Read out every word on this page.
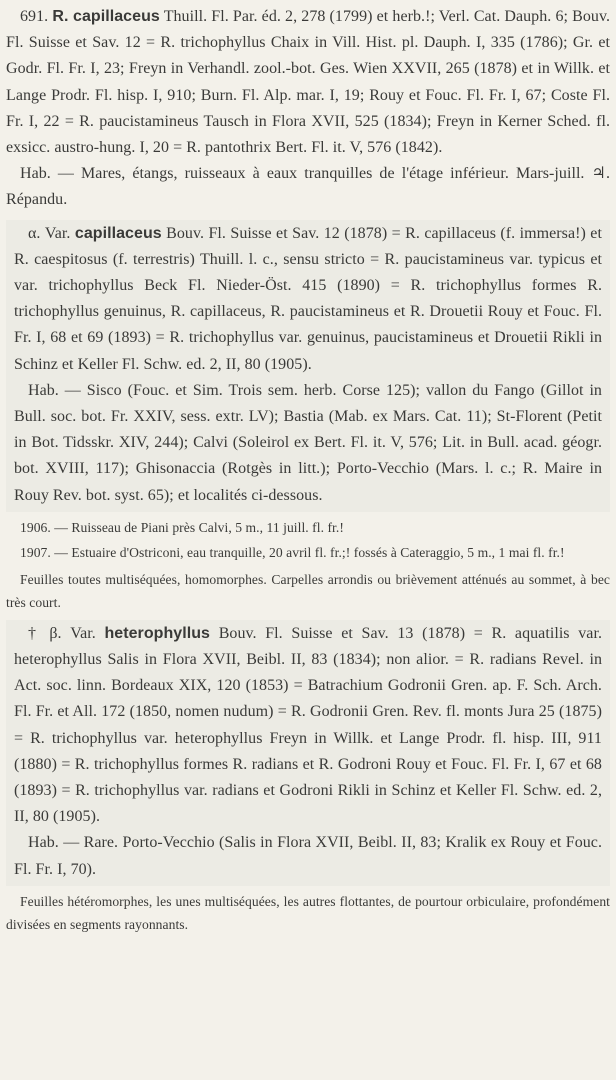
691. R. capillaceus Thuill. Fl. Par. éd. 2, 278 (1799) et herb.!; Verl. Cat. Dauph. 6; Bouv. Fl. Suisse et Sav. 12 = R. trichophyllus Chaix in Vill. Hist. pl. Dauph. I, 335 (1786); Gr. et Godr. Fl. Fr. I, 23; Freyn in Verhandl. zool.-bot. Ges. Wien XXVII, 265 (1878) et in Willk. et Lange Prodr. Fl. hisp. I, 910; Burn. Fl. Alp. mar. I, 19; Rouy et Fouc. Fl. Fr. I, 67; Coste Fl. Fr. I, 22 = R. paucistamineus Tausch in Flora XVII, 525 (1834); Freyn in Kerner Sched. fl. exsicc. austro-hung. I, 20 = R. pantothrix Bert. Fl. it. V, 576 (1842).

Hab. — Mares, étangs, ruisseaux à eaux tranquilles de l'étage inférieur. Mars-juill. ♃. Répandu.

α. Var. capillaceus Bouv. Fl. Suisse et Sav. 12 (1878) = R. capillaceus (f. immersa!) et R. caespitosus (f. terrestris) Thuill. l. c., sensu stricto = R. paucistamineus var. typicus et var. trichophyllus Beck Fl. Nieder-Öst. 415 (1890) = R. trichophyllus formes R. trichophyllus genuinus, R. capillaceus, R. paucistamineus et R. Drouetii Rouy et Fouc. Fl. Fr. I, 68 et 69 (1893) = R. trichophyllus var. genuinus, paucistamineus et Drouetii Rikli in Schinz et Keller Fl. Schw. ed. 2, II, 80 (1905).

Hab. — Sisco (Fouc. et Sim. Trois sem. herb. Corse 125); vallon du Fango (Gillot in Bull. soc. bot. Fr. XXIV, sess. extr. LV); Bastia (Mab. ex Mars. Cat. 11); St-Florent (Petit in Bot. Tidsskr. XIV, 244); Calvi (Soleirol ex Bert. Fl. it. V, 576; Lit. in Bull. acad. géogr. bot. XVIII, 117); Ghisonaccia (Rotgès in litt.); Porto-Vecchio (Mars. l. c.; R. Maire in Rouy Rev. bot. syst. 65); et localités ci-dessous.

1906. — Ruisseau de Piani près Calvi, 5 m., 11 juill. fl. fr.!

1907. — Estuaire d'Ostriconi, eau tranquille, 20 avril fl. fr.;! fossés à Cateraggio, 5 m., 1 mai fl. fr.!

Feuilles toutes multiséquées, homomorphes. Carpelles arrondis ou brièvement atténués au sommet, à bec très court.

† β. Var. heterophyllus Bouv. Fl. Suisse et Sav. 13 (1878) = R. aquatilis var. heterophyllus Salis in Flora XVII, Beibl. II, 83 (1834); non alior. = R. radians Revel. in Act. soc. linn. Bordeaux XIX, 120 (1853) = Batrachium Godronii Gren. ap. F. Sch. Arch. Fl. Fr. et All. 172 (1850, nomen nudum) = R. Godronii Gren. Rev. fl. monts Jura 25 (1875) = R. trichophyllus var. heterophyllus Freyn in Willk. et Lange Prodr. fl. hisp. III, 911 (1880) = R. trichophyllus formes R. radians et R. Godroni Rouy et Fouc. Fl. Fr. I, 67 et 68 (1893) = R. trichophyllus var. radians et Godroni Rikli in Schinz et Keller Fl. Schw. ed. 2, II, 80 (1905).

Hab. — Rare. Porto-Vecchio (Salis in Flora XVII, Beibl. II, 83; Kralik ex Rouy et Fouc. Fl. Fr. I, 70).

Feuilles hétéromorphes, les unes multiséquées, les autres flottantes, de pourtour orbiculaire, profondément divisées en segments rayonnants.
